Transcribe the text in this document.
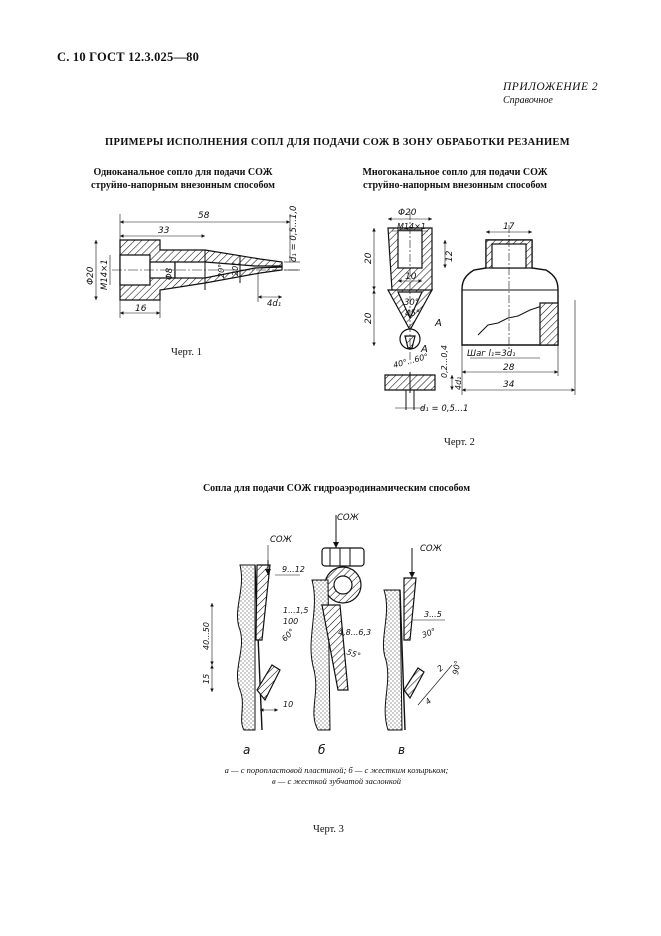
С. 10 ГОСТ 12.3.025—80
ПРИЛОЖЕНИЕ 2
Справочное
ПРИМЕРЫ ИСПОЛНЕНИЯ СОПЛ ДЛЯ ПОДАЧИ СОЖ В ЗОНУ ОБРАБОТКИ РЕЗАНИЕМ
Одноканальное сопло для подачи СОЖ
струйно-напорным внезонным способом
Многоканальное сопло для подачи СОЖ
струйно-напорным внезонным способом
58
33
16
Φ20 M14×1	Φ8	20° 20°
d₁ = 0,5...1,0
4d₁
Черт. 1
Φ20
M14×1
20
20
10
12
30°
45°
A
A
40°...60° 0,2...0,4
4d₁
d₁ = 0,5...1
17
Шаг l₁=3d₁
28
34
Черт. 2
Сопла для подачи СОЖ гидроаэродинамическим способом
СОЖ
9...12
1...1,5
100
60°
40...50
15
10
а
СОЖ
4,8...6,3
55°
б
СОЖ
3...5
30°
90°
2
4
в
а — с поропластовой пластиной; б — с жестким козырьком;
в — с жесткой зубчатой заслонкой
Черт. 3
